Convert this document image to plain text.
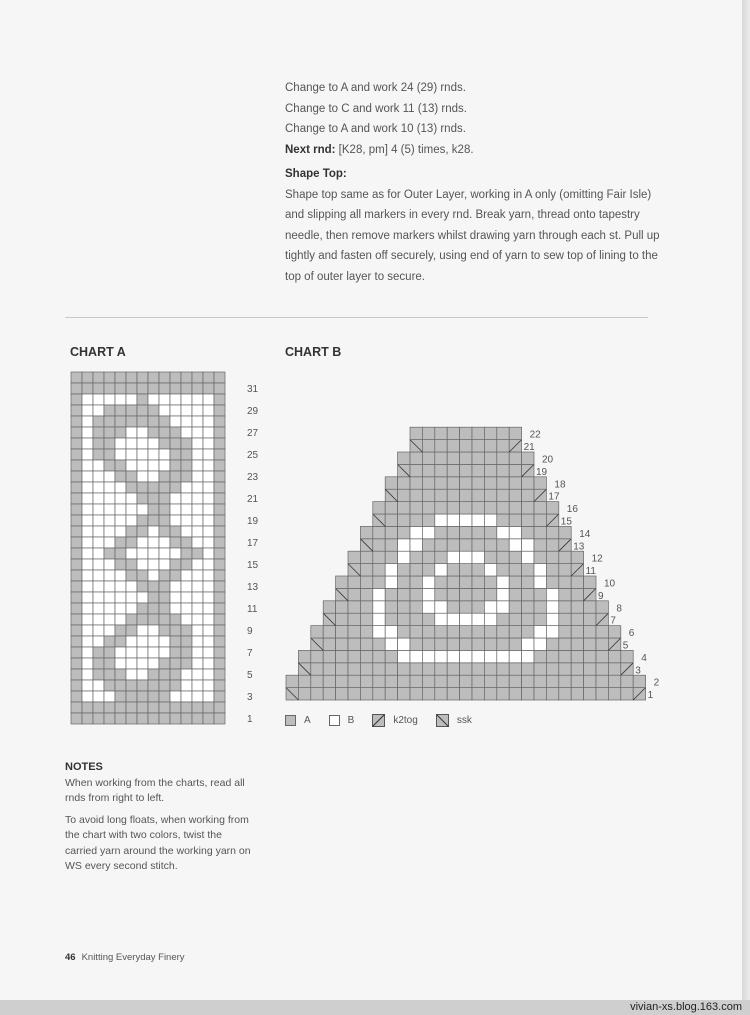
vivian-xs.blog.163.com
Change to A and work 24 (29) rnds.
Change to C and work 11 (13) rnds.
Change to A and work 10 (13) rnds.
Next rnd: [K28, pm] 4 (5) times, k28.
Shape Top:
Shape top same as for Outer Layer, working in A only (omitting Fair Isle) and slipping all markers in every rnd. Break yarn, thread onto tapestry needle, then remove markers whilst drawing yarn through each st. Pull up tightly and fasten off securely, using end of yarn to sew top of lining to the top of outer layer to secure.
CHART A	CHART B
1
3
5
7
9
11
13
15
17
19
21
23
25
27
29
31
1
2
3
4
5
6
7
8
9
10
11
12
13
14
15
16
17
18
19
20
21
22
A	B	k2tog	ssk
NOTES

When working from the charts, read all rnds from right to left.

To avoid long floats, when working from the chart with two colors, twist the carried yarn around the working yarn on WS every second stitch.

46 Knitting Everyday Finery
